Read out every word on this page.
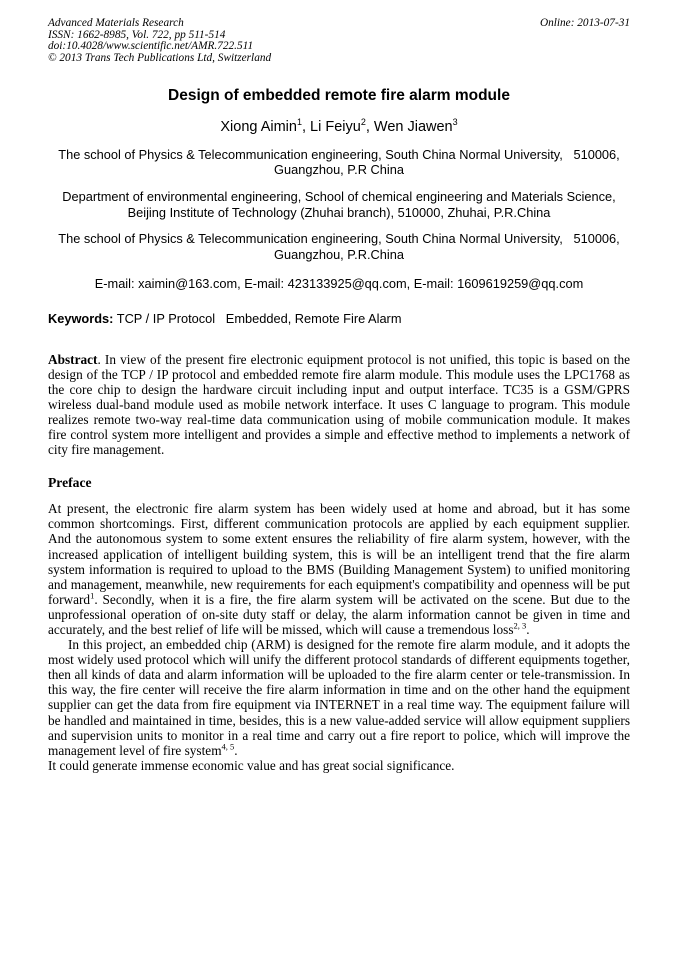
Advanced Materials Research
ISSN: 1662-8985, Vol. 722, pp 511-514
doi:10.4028/www.scientific.net/AMR.722.511
© 2013 Trans Tech Publications Ltd, Switzerland
Online: 2013-07-31
Design of embedded remote fire alarm module
Xiong Aimin$^1$, Li Feiyu$^2$, Wen Jiawen$^3$
The school of Physics & Telecommunication engineering, South China Normal University,   510006, Guangzhou, P.R China
Department of environmental engineering, School of chemical engineering and Materials Science, Beijing Institute of Technology (Zhuhai branch), 510000, Zhuhai, P.R.China
The school of Physics & Telecommunication engineering, South China Normal University,   510006, Guangzhou, P.R.China
E-mail: xaimin@163.com, E-mail: 423133925@qq.com, E-mail: 1609619259@qq.com
Keywords: TCP / IP Protocol   Embedded, Remote Fire Alarm

Abstract. In view of the present fire electronic equipment protocol is not unified, this topic is based on the design of the TCP / IP protocol and embedded remote fire alarm module. This module uses the LPC1768 as the core chip to design the hardware circuit including input and output interface. TC35 is a GSM/GPRS wireless dual-band module used as mobile network interface. It uses C language to program. This module realizes remote two-way real-time data communication using of mobile communication module. It makes fire control system more intelligent and provides a simple and effective method to implements a network of city fire management.

Preface

At present, the electronic fire alarm system has been widely used at home and abroad, but it has some common shortcomings. First, different communication protocols are applied by each equipment supplier. And the autonomous system to some extent ensures the reliability of fire alarm system, however, with the increased application of intelligent building system, this is will be an intelligent trend that the fire alarm system information is required to upload to the BMS (Building Management System) to unified monitoring and management, meanwhile, new requirements for each equipment's compatibility and openness will be put forward$^1$. Secondly, when it is a fire, the fire alarm system will be activated on the scene. But due to the unprofessional operation of on-site duty staff or delay, the alarm information cannot be given in time and accurately, and the best relief of life will be missed, which will cause a tremendous loss$^{2, 3}$.

In this project, an embedded chip (ARM) is designed for the remote fire alarm module, and it adopts the most widely used protocol which will unify the different protocol standards of different equipments together, then all kinds of data and alarm information will be uploaded to the fire alarm center or tele-transmission. In this way, the fire center will receive the fire alarm information in time and on the other hand the equipment supplier can get the data from fire equipment via INTERNET in a real time way. The equipment failure will be handled and maintained in time, besides, this is a new value-added service will allow equipment suppliers and supervision units to monitor in a real time and carry out a fire report to police, which will improve the management level of fire system$^{4, 5}$.

It could generate immense economic value and has great social significance.
